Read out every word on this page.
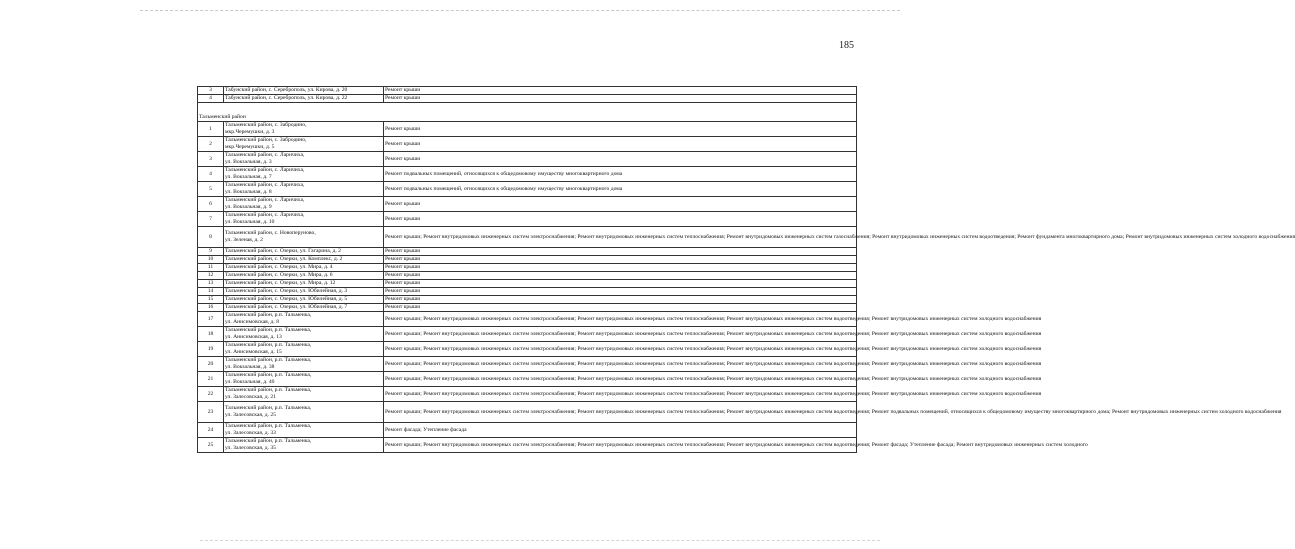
185
3	Табунский район, с. Сереброполь, ул. Кирова, д. 20	Ремонт крыши
4	Табунский район, с. Сереброполь, ул. Кирова, д. 22	Ремонт крыши
Тальменский район		
1	Тальменский район, с. Забродино,
мкр.Черемушки, д. 3	Ремонт крыши
2	Тальменский район, с. Забродино,
мкр.Черемушки, д. 5	Ремонт крыши
3	Тальменский район, с. Ларичиха,
ул. Вокзальная, д. 3	Ремонт крыши
4	Тальменский район, с. Ларичиха,
ул. Вокзальная, д. 7	Ремонт подвальных помещений, относящихся к общедомовому имуществу многоквартирного дома
5	Тальменский район, с. Ларичиха,
ул. Вокзальная, д. 8	Ремонт подвальных помещений, относящихся к общедомовому имуществу многоквартирного дома
6	Тальменский район, с. Ларичиха,
ул. Вокзальная, д. 9	Ремонт крыши
7	Тальменский район, с. Ларичиха,
ул. Вокзальная, д. 10	Ремонт крыши
8	Тальменский район, с. Новоперуново,
ул. Зеленая, д. 2	Ремонт крыши; Ремонт внутридомовых инженерных систем электроснабжения; Ремонт внутридомовых инженерных систем теплоснабжения; Ремонт внутридомовых инженерных систем газоснабжения; Ремонт внутридомовых инженерных систем водоотведения; Ремонт фундамента многоквартирного дома; Ремонт внутридомовых инженерных систем холодного водоснабжения
9	Тальменский район, с. Озерки, ул. Гагарина, д. 2	Ремонт крыши
10	Тальменский район, с. Озерки, ул. Комплекс, д. 2	Ремонт крыши
11	Тальменский район, с. Озерки, ул. Мира, д. 4	Ремонт крыши
12	Тальменский район, с. Озерки, ул. Мира, д. 6	Ремонт крыши
13	Тальменский район, с. Озерки, ул. Мира, д. 12	Ремонт крыши
14	Тальменский район, с. Озерки, ул. Юбилейная, д. 3	Ремонт крыши
15	Тальменский район, с. Озерки, ул. Юбилейная, д. 5	Ремонт крыши
16	Тальменский район, с. Озерки, ул. Юбилейная, д. 7	Ремонт крыши
17	Тальменский район, р.п. Тальменка,
ул. Анисимовская, д. 8	Ремонт крыши; Ремонт внутридомовых инженерных систем электроснабжения; Ремонт внутридомовых инженерных систем теплоснабжения; Ремонт внутридомовых инженерных систем водоотведения; Ремонт внутридомовых инженерных систем холодного водоснабжения
18	Тальменский район, р.п. Тальменка,
ул. Анисимовская, д. 13	Ремонт крыши; Ремонт внутридомовых инженерных систем электроснабжения; Ремонт внутридомовых инженерных систем теплоснабжения; Ремонт внутридомовых инженерных систем водоотведения; Ремонт внутридомовых инженерных систем холодного водоснабжения
19	Тальменский район, р.п. Тальменка,
ул. Анисимовская, д. 15	Ремонт крыши; Ремонт внутридомовых инженерных систем электроснабжения; Ремонт внутридомовых инженерных систем теплоснабжения; Ремонт внутридомовых инженерных систем водоотведения; Ремонт внутридомовых инженерных систем холодного водоснабжения
20	Тальменский район, р.п. Тальменка,
ул. Вокзальная, д. 38	Ремонт крыши; Ремонт внутридомовых инженерных систем электроснабжения; Ремонт внутридомовых инженерных систем теплоснабжения; Ремонт внутридомовых инженерных систем водоотведения; Ремонт внутридомовых инженерных систем холодного водоснабжения
21	Тальменский район, р.п. Тальменка,
ул. Вокзальная, д. 40	Ремонт крыши; Ремонт внутридомовых инженерных систем электроснабжения; Ремонт внутридомовых инженерных систем теплоснабжения; Ремонт внутридомовых инженерных систем водоотведения; Ремонт внутридомовых инженерных систем холодного водоснабжения
22	Тальменский район, р.п. Тальменка,
ул. Залесовская, д. 21	Ремонт крыши; Ремонт внутридомовых инженерных систем электроснабжения; Ремонт внутридомовых инженерных систем теплоснабжения; Ремонт внутридомовых инженерных систем водоотведения; Ремонт внутридомовых инженерных систем холодного водоснабжения
23	Тальменский район, р.п. Тальменка,
ул. Залесовская, д. 25	Ремонт крыши; Ремонт внутридомовых инженерных систем электроснабжения; Ремонт внутридомовых инженерных систем теплоснабжения; Ремонт внутридомовых инженерных систем водоотведения; Ремонт подвальных помещений, относящихся к общедомовому имуществу многоквартирного дома; Ремонт внутридомовых инженерных систем холодного водоснабжения
24	Тальменский район, р.п. Тальменка,
ул. Залесовская, д. 33	Ремонт фасада; Утепление фасада
25	Тальменский район, р.п. Тальменка,
ул. Залесовская, д. 35	Ремонт крыши; Ремонт внутридомовых инженерных систем электроснабжения; Ремонт внутридомовых инженерных систем теплоснабжения; Ремонт внутридомовых инженерных систем водоотведения; Ремонт фасада; Утепление фасада; Ремонт внутридомовых инженерных систем холодного
